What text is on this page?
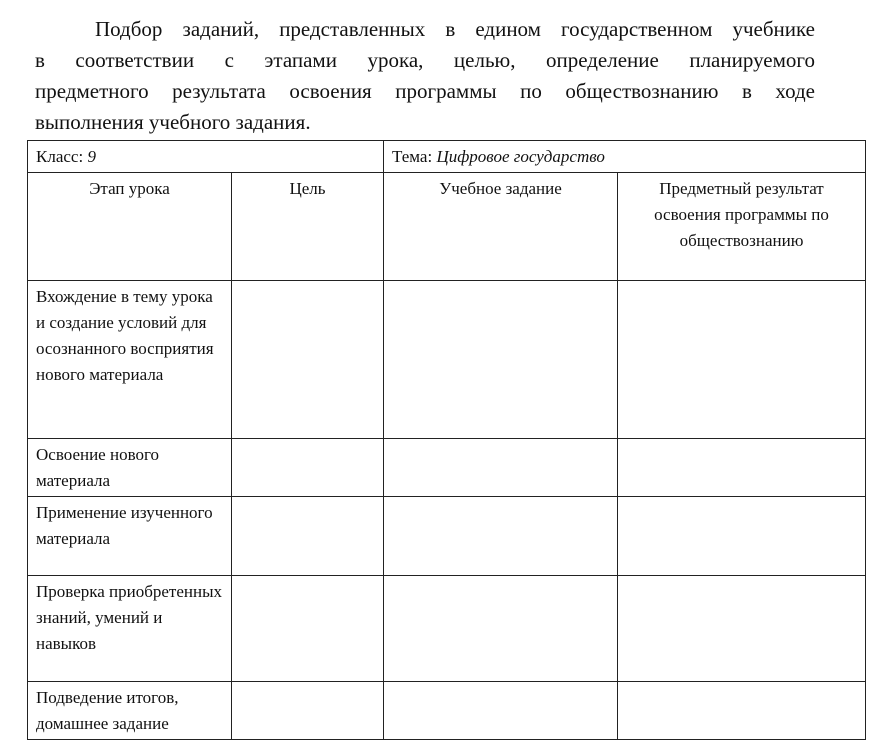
Подбор заданий, представленных в едином государственном учебнике
в соответствии с этапами урока, целью, определение планируемого
предметного результата освоения программы по обществознанию в ходе
выполнения учебного задания.
Класс: 9		Тема: Цифровое государство	
Этап урока	Цель	Учебное задание	Предметный результат освоения программы по обществознанию
Вхождение в тему урока и создание условий для осознанного восприятия нового материала			
Освоение нового материала			
Применение изученного материала			
Проверка приобретенных знаний, умений и навыков			
Подведение итогов, домашнее задание			
